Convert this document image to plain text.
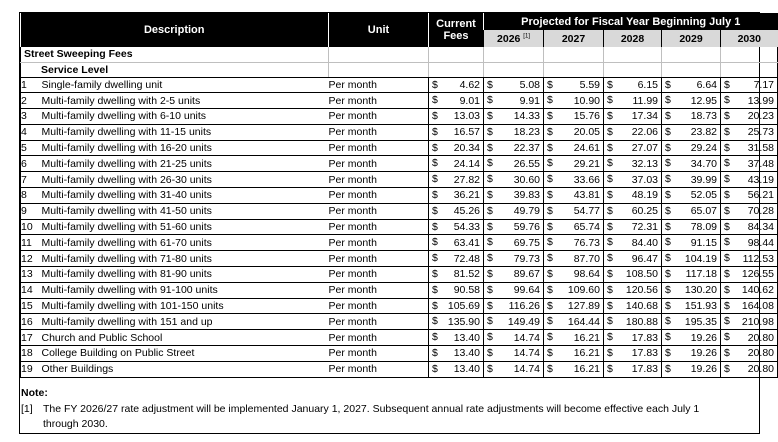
Description		Unit	Current	Projected for Fiscal Year Beginning July 1				
			Fees	2026 [1]	2027	2028	2029	2030
Street Sweeping Fees								
Service Level								
1	Single-family dwelling unit	Per month	$ 4.62	$ 5.08	$ 5.59	$ 6.15	$ 6.64	$ 7.17

2	Multi-family dwelling with 2-5 units	Per month	$ 9.01	$ 9.91	$ 10.90	$ 11.99	$ 12.95	$ 13.99

3	Multi-family dwelling with 6-10 units	Per month	$ 13.03	$ 14.33	$ 15.76	$ 17.34	$ 18.73	$ 20.23

4	Multi-family dwelling with 11-15 units	Per month	$ 16.57	$ 18.23	$ 20.05	$ 22.06	$ 23.82	$ 25.73

5	Multi-family dwelling with 16-20 units	Per month	$ 20.34	$ 22.37	$ 24.61	$ 27.07	$ 29.24	$ 31.58

6	Multi-family dwelling with 21-25 units	Per month	$ 24.14	$ 26.55	$ 29.21	$ 32.13	$ 34.70	$ 37.48

7	Multi-family dwelling with 26-30 units	Per month	$ 27.82	$ 30.60	$ 33.66	$ 37.03	$ 39.99	$ 43.19

8	Multi-family dwelling with 31-40 units	Per month	$ 36.21	$ 39.83	$ 43.81	$ 48.19	$ 52.05	$ 56.21

9	Multi-family dwelling with 41-50 units	Per month	$ 45.26	$ 49.79	$ 54.77	$ 60.25	$ 65.07	$ 70.28

10	Multi-family dwelling with 51-60 units	Per month	$ 54.33	$ 59.76	$ 65.74	$ 72.31	$ 78.09	$ 84.34

11	Multi-family dwelling with 61-70 units	Per month	$ 63.41	$ 69.75	$ 76.73	$ 84.40	$ 91.15	$ 98.44

12	Multi-family dwelling with 71-80 units	Per month	$ 72.48	$ 79.73	$ 87.70	$ 96.47	$ 104.19	$ 112.53

13	Multi-family dwelling with 81-90 units	Per month	$ 81.52	$ 89.67	$ 98.64	$ 108.50	$ 117.18	$ 126.55

14	Multi-family dwelling with 91-100 units	Per month	$ 90.58	$ 99.64	$ 109.60	$ 120.56	$ 130.20	$ 140.62

15	Multi-family dwelling with 101-150 units	Per month	$ 105.69	$ 116.26	$ 127.89	$ 140.68	$ 151.93	$ 164.08

16	Multi-family dwelling with 151 and up	Per month	$ 135.90	$ 149.49	$ 164.44	$ 180.88	$ 195.35	$ 210.98

17	Church and Public School	Per month	$ 13.40	$ 14.74	$ 16.21	$ 17.83	$ 19.26	$ 20.80

18	College Building on Public Street	Per month	$ 13.40	$ 14.74	$ 16.21	$ 17.83	$ 19.26	$ 20.80

19	Other Buildings	Per month	$ 13.40	$ 14.74	$ 16.21	$ 17.83	$ 19.26	$ 20.80
Note:
[1] The FY 2026/27 rate adjustment will be implemented January 1, 2027. Subsequent annual rate adjustments will become effective each July 1
through 2030.
